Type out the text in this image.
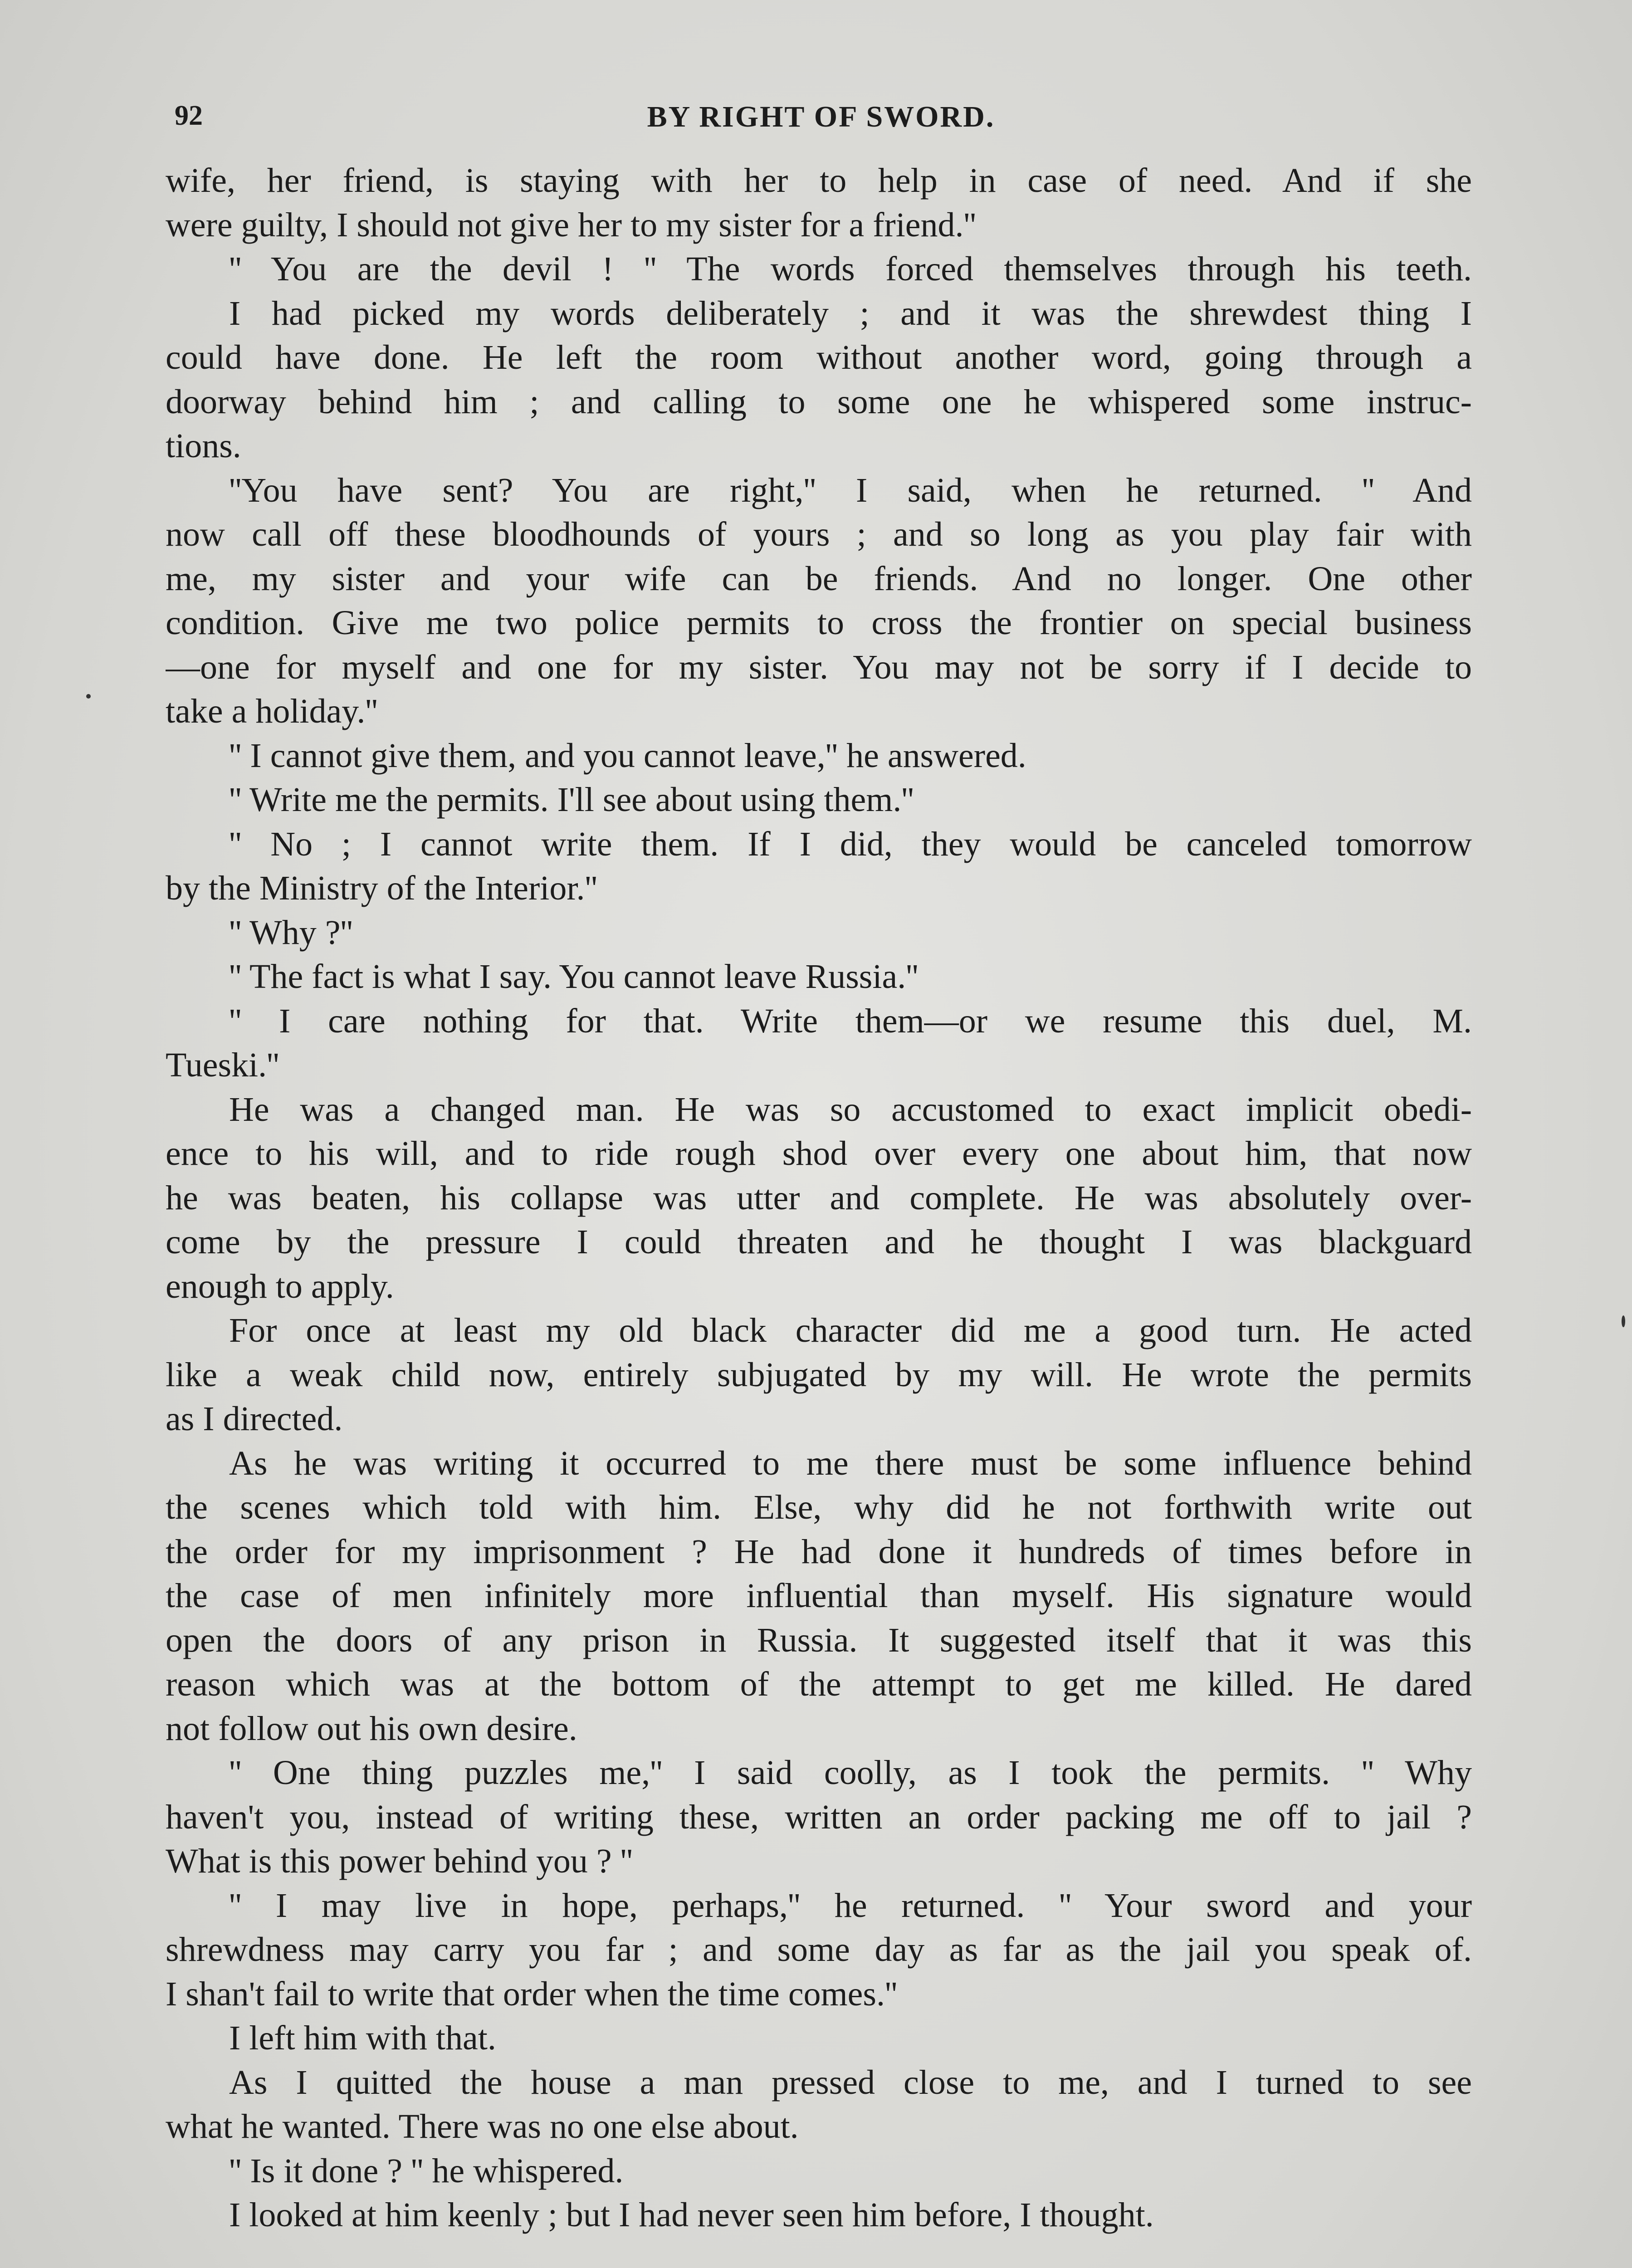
92	BY RIGHT OF SWORD.
wife, her friend, is staying with her to help in case of need. And if she
were guilty, I should not give her to my sister for a friend.''
'' You are the devil ! '' The words forced themselves through his teeth.
I had picked my words deliberately ; and it was the shrewdest thing I
could have done. He left the room without another word, going through a
doorway behind him ; and calling to some one he whispered some instruc-
tions.
''You have sent? You are right,'' I said, when he returned. '' And
now call off these bloodhounds of yours ; and so long as you play fair with
me, my sister and your wife can be friends. And no longer. One other
condition. Give me two police permits to cross the frontier on special business
—one for myself and one for my sister. You may not be sorry if I decide to
take a holiday.''
'' I cannot give them, and you cannot leave,'' he answered.
'' Write me the permits. I'll see about using them.''
'' No ; I cannot write them. If I did, they would be canceled tomorrow
by the Ministry of the Interior.''
'' Why ?''
'' The fact is what I say. You cannot leave Russia.''
'' I care nothing for that. Write them—or we resume this duel, M.
Tueski.''
He was a changed man. He was so accustomed to exact implicit obedi-
ence to his will, and to ride rough shod over every one about him, that now
he was beaten, his collapse was utter and complete. He was absolutely over-
come by the pressure I could threaten and he thought I was blackguard
enough to apply.
For once at least my old black character did me a good turn. He acted
like a weak child now, entirely subjugated by my will. He wrote the permits
as I directed.
As he was writing it occurred to me there must be some influence behind
the scenes which told with him. Else, why did he not forthwith write out
the order for my imprisonment ? He had done it hundreds of times before in
the case of men infinitely more influential than myself. His signature would
open the doors of any prison in Russia. It suggested itself that it was this
reason which was at the bottom of the attempt to get me killed. He dared
not follow out his own desire.
'' One thing puzzles me,'' I said coolly, as I took the permits. '' Why
haven't you, instead of writing these, written an order packing me off to jail ?
What is this power behind you ? ''
'' I may live in hope, perhaps,'' he returned. '' Your sword and your
shrewdness may carry you far ; and some day as far as the jail you speak of.
I shan't fail to write that order when the time comes.''
I left him with that.
As I quitted the house a man pressed close to me, and I turned to see
what he wanted. There was no one else about.
'' Is it done ? '' he whispered.
I looked at him keenly ; but I had never seen him before, I thought.
